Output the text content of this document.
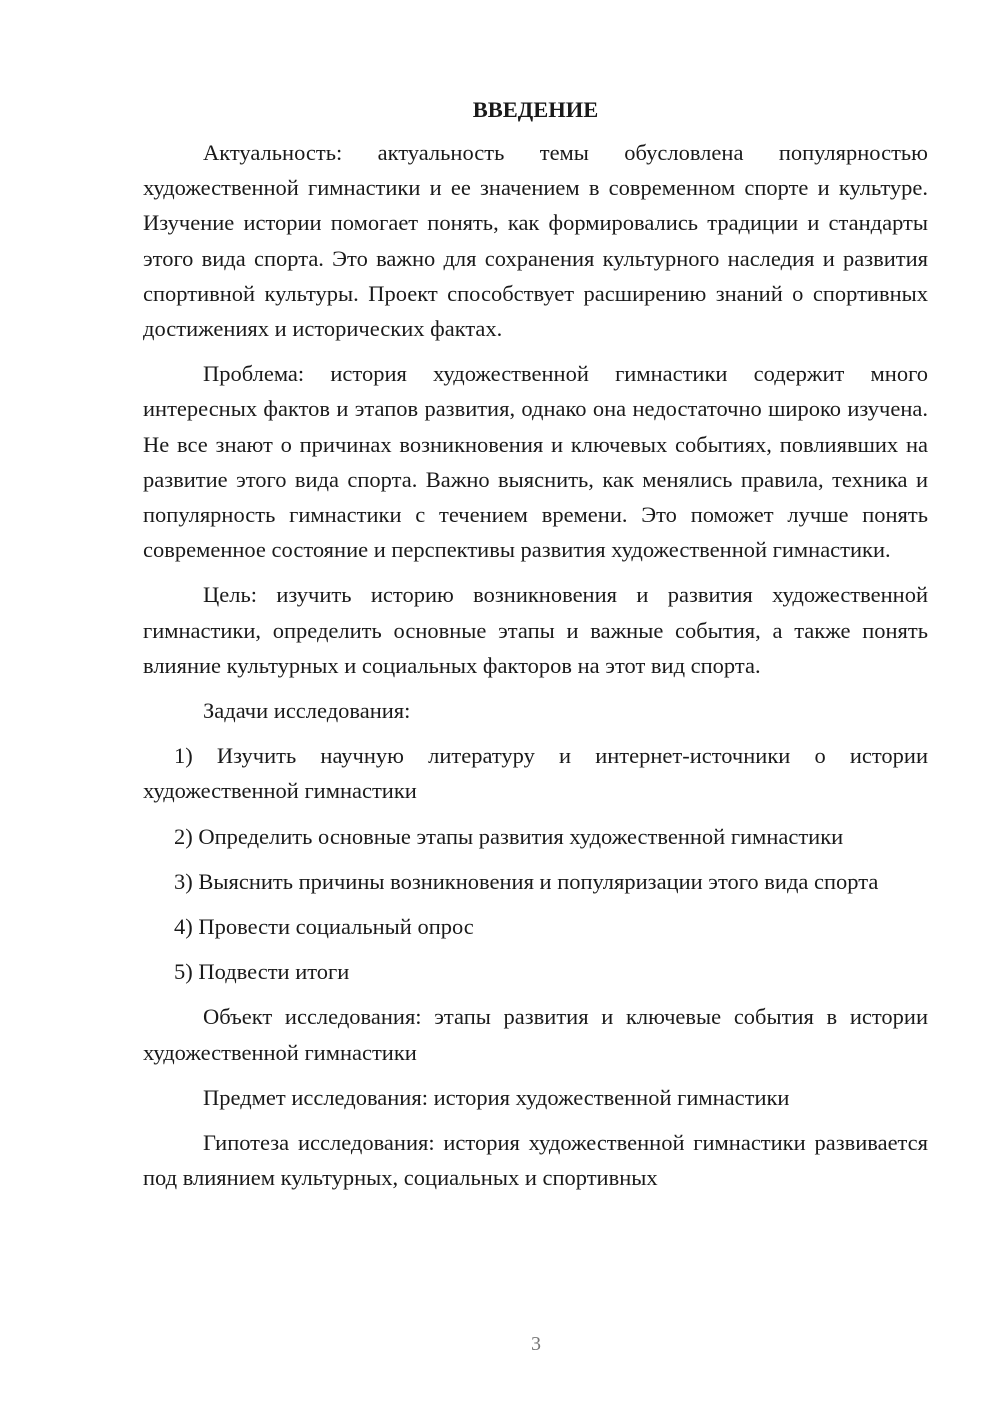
ВВЕДЕНИЕ

Актуальность: актуальность темы обусловлена популярностью художественной гимнастики и ее значением в современном спорте и культуре. Изучение истории помогает понять, как формировались традиции и стандарты этого вида спорта. Это важно для сохранения культурного наследия и развития спортивной культуры. Проект способствует расширению знаний о спортивных достижениях и исторических фактах.

Проблема: история художественной гимнастики содержит много интересных фактов и этапов развития, однако она недостаточно широко изучена. Не все знают о причинах возникновения и ключевых событиях, повлиявших на развитие этого вида спорта. Важно выяснить, как менялись правила, техника и популярность гимнастики с течением времени. Это поможет лучше понять современное состояние и перспективы развития художественной гимнастики.

Цель: изучить историю возникновения и развития художественной гимнастики, определить основные этапы и важные события, а также понять влияние культурных и социальных факторов на этот вид спорта.

Задачи исследования:

1) Изучить научную литературу и интернет-источники о истории художественной гимнастики

2) Определить основные этапы развития художественной гимнастики

3) Выяснить причины возникновения и популяризации этого вида спорта

4) Провести социальный опрос

5) Подвести итоги

Объект исследования: этапы развития и ключевые события в истории художественной гимнастики

Предмет исследования: история художественной гимнастики

Гипотеза исследования: история художественной гимнастики развивается под влиянием культурных, социальных и спортивных

3
